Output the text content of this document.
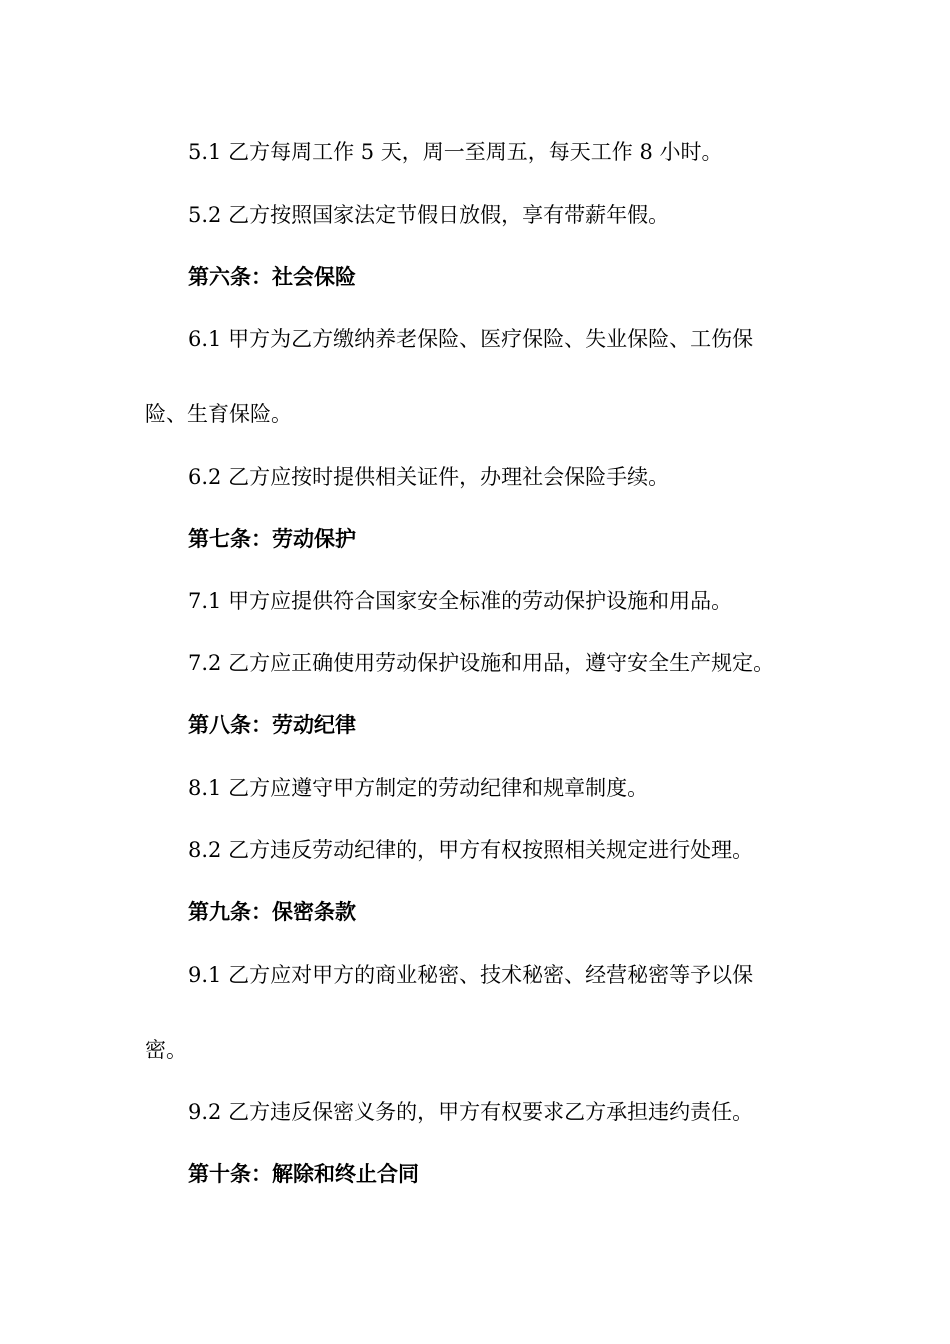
5.1 乙方每周工作 5 天，周一至周五，每天工作 8 小时。
5.2 乙方按照国家法定节假日放假，享有带薪年假。
第六条：社会保险
6.1 甲方为乙方缴纳养老保险、医疗保险、失业保险、工伤保
险、生育保险。
6.2 乙方应按时提供相关证件，办理社会保险手续。
第七条：劳动保护
7.1 甲方应提供符合国家安全标准的劳动保护设施和用品。
7.2 乙方应正确使用劳动保护设施和用品，遵守安全生产规定。
第八条：劳动纪律
8.1 乙方应遵守甲方制定的劳动纪律和规章制度。
8.2 乙方违反劳动纪律的，甲方有权按照相关规定进行处理。
第九条：保密条款
9.1 乙方应对甲方的商业秘密、技术秘密、经营秘密等予以保
密。
9.2 乙方违反保密义务的，甲方有权要求乙方承担违约责任。
第十条：解除和终止合同
